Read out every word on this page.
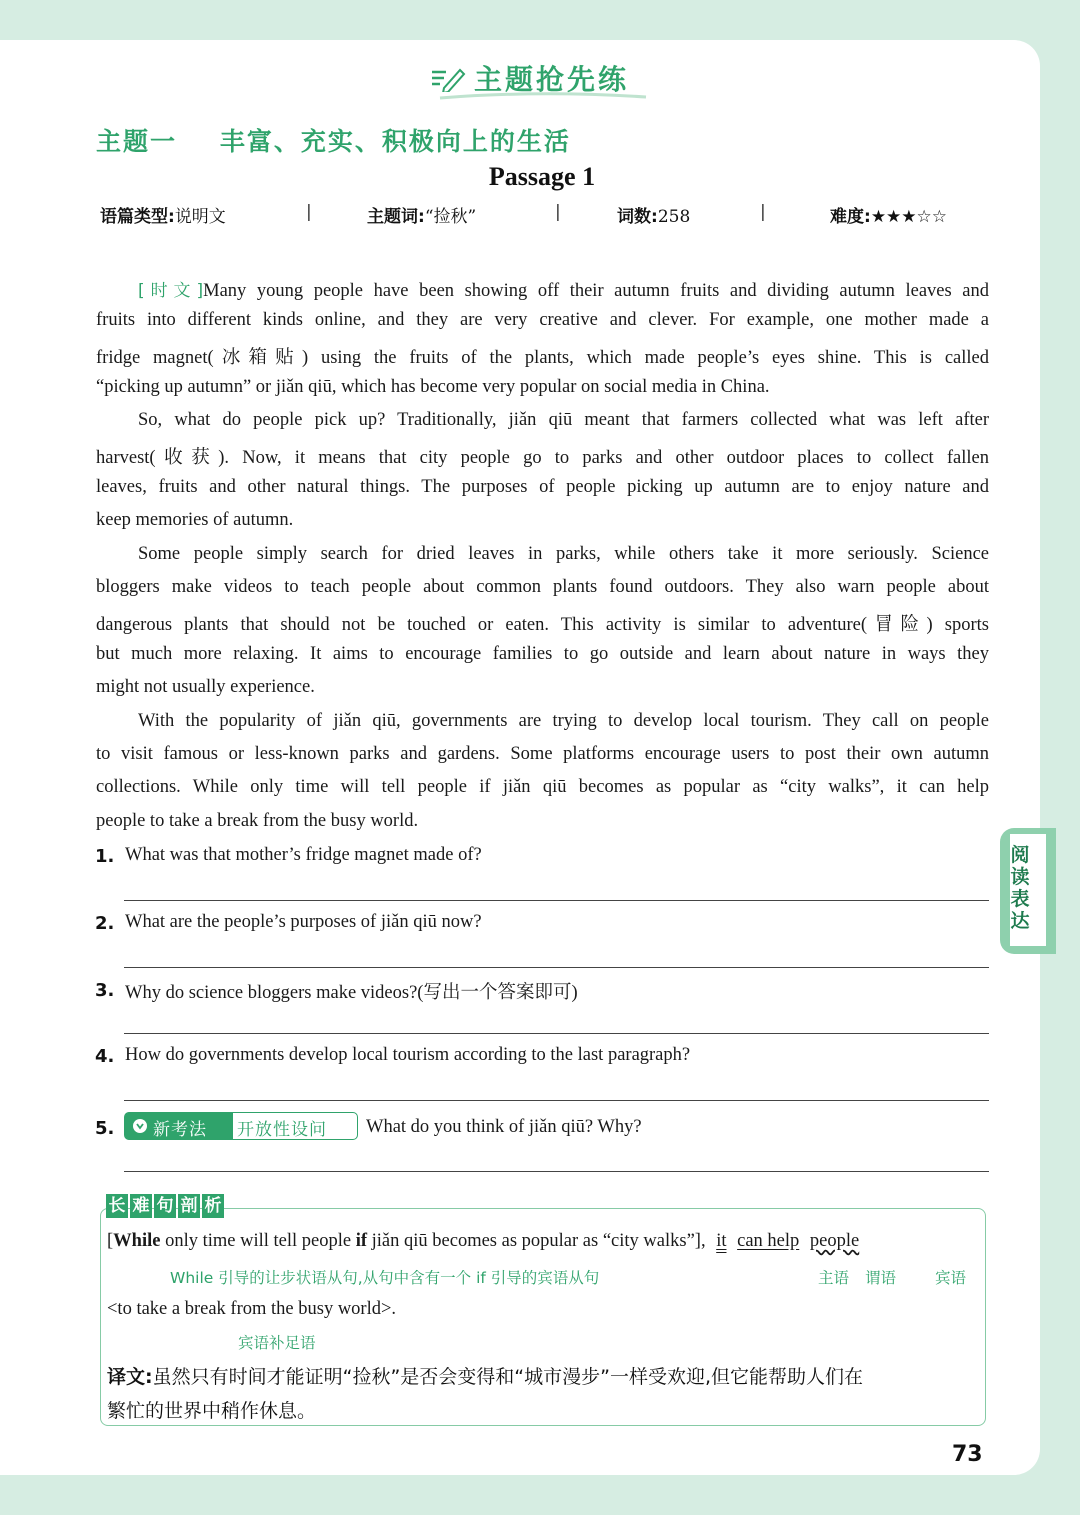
主题抢先练
主题一    丰富、充实、积极向上的生活
Passage 1
语篇类型:说明文	|	主题词:“捡秋”	|	词数:258	|	难度:★★★☆☆
[时文]Many young people have been showing off their autumn fruits and dividing autumn leaves and
fruits into different kinds online, and they are very creative and clever. For example, one mother made a
fridge magnet(冰箱贴) using the fruits of the plants, which made people’s eyes shine. This is called
“picking up autumn” or jiǎn qiū, which has become very popular on social media in China.
So, what do people pick up? Traditionally, jiǎn qiū meant that farmers collected what was left after
harvest(收获). Now, it means that city people go to parks and other outdoor places to collect fallen
leaves, fruits and other natural things. The purposes of people picking up autumn are to enjoy nature and
keep memories of autumn.
Some people simply search for dried leaves in parks, while others take it more seriously. Science
bloggers make videos to teach people about common plants found outdoors. They also warn people about
dangerous plants that should not be touched or eaten. This activity is similar to adventure(冒险) sports
but much more relaxing. It aims to encourage families to go outside and learn about nature in ways they
might not usually experience.
With the popularity of jiǎn qiū, governments are trying to develop local tourism. They call on people
to visit famous or less-known parks and gardens. Some platforms encourage users to post their own autumn
collections. While only time will tell people if jiǎn qiū becomes as popular as “city walks”, it can help
people to take a break from the busy world.
1. What was that mother’s fridge magnet made of?
2. What are the people’s purposes of jiǎn qiū now?
3. Why do science bloggers make videos?(写出一个答案即可)
4. How do governments develop local tourism according to the last paragraph?
5. 新考法 开放性设问 What do you think of jiǎn qiū? Why?
阅读表达
长 难 句 剖 析
[While only time will tell people if jiǎn qiū becomes as popular as “city walks”], it can help people
While 引导的让步状语从句,从句中含有一个 if 引导的宾语从句	主语 谓语	宾语
<to take a break from the busy world>.
宾语补足语
译文:虽然只有时间才能证明“捡秋”是否会变得和“城市漫步”一样受欢迎,但它能帮助人们在
繁忙的世界中稍作休息。
73
